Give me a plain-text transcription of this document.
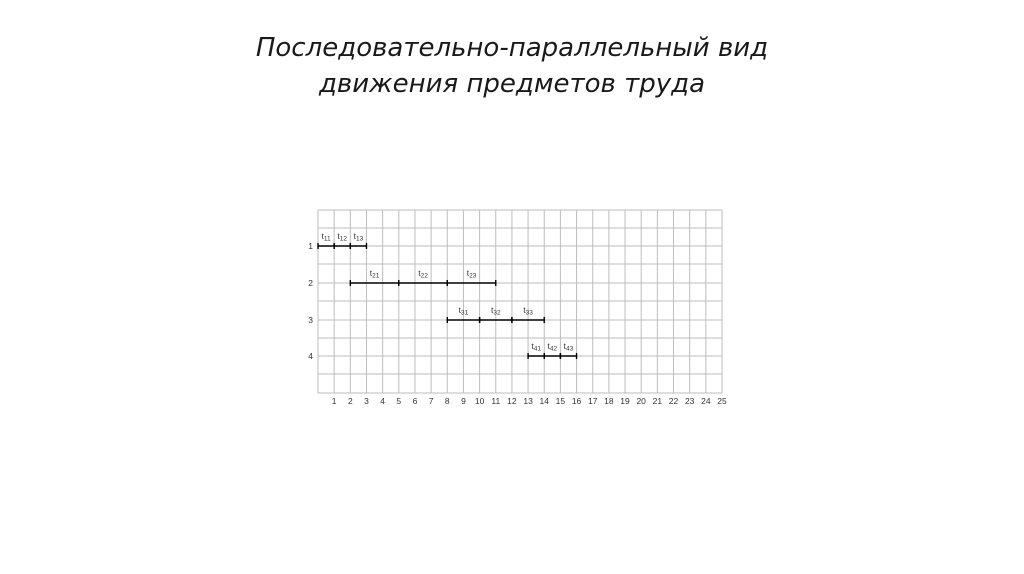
Последовательно-параллельный вид
движения предметов труда
1 2 3 4 5 6 7 8 9 10 11 12 13 14 15 16 17 18 19 20 21 22 23 24 25
1
t11 t12 t13
2
t21	t22	t23
3
t31	t32	t33
4
t41 t42 t43
